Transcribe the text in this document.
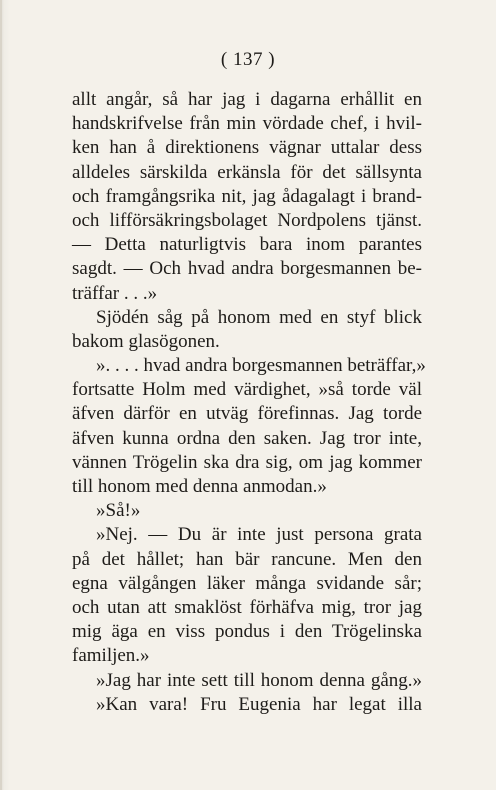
( 137 )
allt angår, så har jag i dagarna erhållit en
handskrifvelse från min vördade chef, i hvil-
ken han å direktionens vägnar uttalar dess
alldeles särskilda erkänsla för det sällsynta
och framgångsrika nit, jag ådagalagt i brand-
och lifförsäkringsbolaget Nordpolens tjänst.
— Detta naturligtvis bara inom parantes
sagdt. — Och hvad andra borgesmannen be-
träffar . . .»
Sjödén såg på honom med en styf blick
bakom glasögonen.
». . . . hvad andra borgesmannen beträffar,»
fortsatte Holm med värdighet, »så torde väl
äfven därför en utväg förefinnas. Jag torde
äfven kunna ordna den saken. Jag tror inte,
vännen Trögelin ska dra sig, om jag kommer
till honom med denna anmodan.»
»Så!»
»Nej. — Du är inte just persona grata
på det hållet; han bär rancune. Men den
egna välgången läker många svidande sår;
och utan att smaklöst förhäfva mig, tror jag
mig äga en viss pondus i den Trögelinska
familjen.»
»Jag har inte sett till honom denna gång.»
»Kan vara! Fru Eugenia har legat illa
